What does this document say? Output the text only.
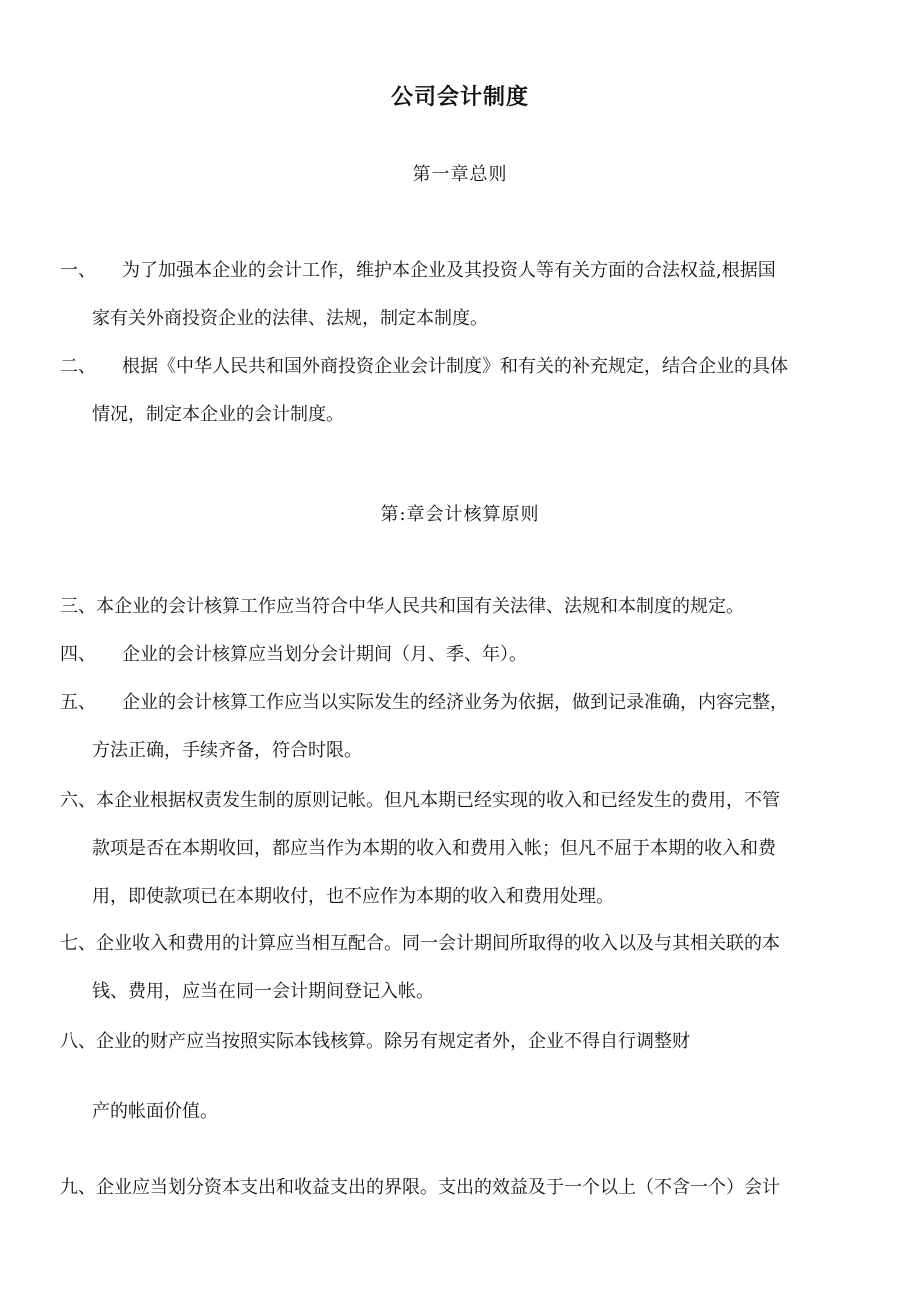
公司会计制度
第一章总则
一、 为了加强本企业的会计工作，维护本企业及其投资人等有关方面的合法权益,根据国
家有关外商投资企业的法律、法规，制定本制度。
二、 根据《中华人民共和国外商投资企业会计制度》和有关的补充规定，结合企业的具体
情况，制定本企业的会计制度。
第:章会计核算原则
三、本企业的会计核算工作应当符合中华人民共和国有关法律、法规和本制度的规定。
四、 企业的会计核算应当划分会计期间（月、季、年）。
五、 企业的会计核算工作应当以实际发生的经济业务为依据，做到记录准确，内容完整，
方法正确，手续齐备，符合时限。
六、本企业根据权责发生制的原则记帐。但凡本期已经实现的收入和已经发生的费用，不管
款项是否在本期收回，都应当作为本期的收入和费用入帐；但凡不屈于本期的收入和费
用，即使款项已在本期收付，也不应作为本期的收入和费用处理。
七、企业收入和费用的计算应当相互配合。同一会计期间所取得的收入以及与其相关联的本
钱、费用，应当在同一会计期间登记入帐。
八、企业的财产应当按照实际本钱核算。除另有规定者外，企业不得自行调整财
产的帐面价值。
九、企业应当划分资本支出和收益支出的界限。支出的效益及于一个以上（不含一个）会计
